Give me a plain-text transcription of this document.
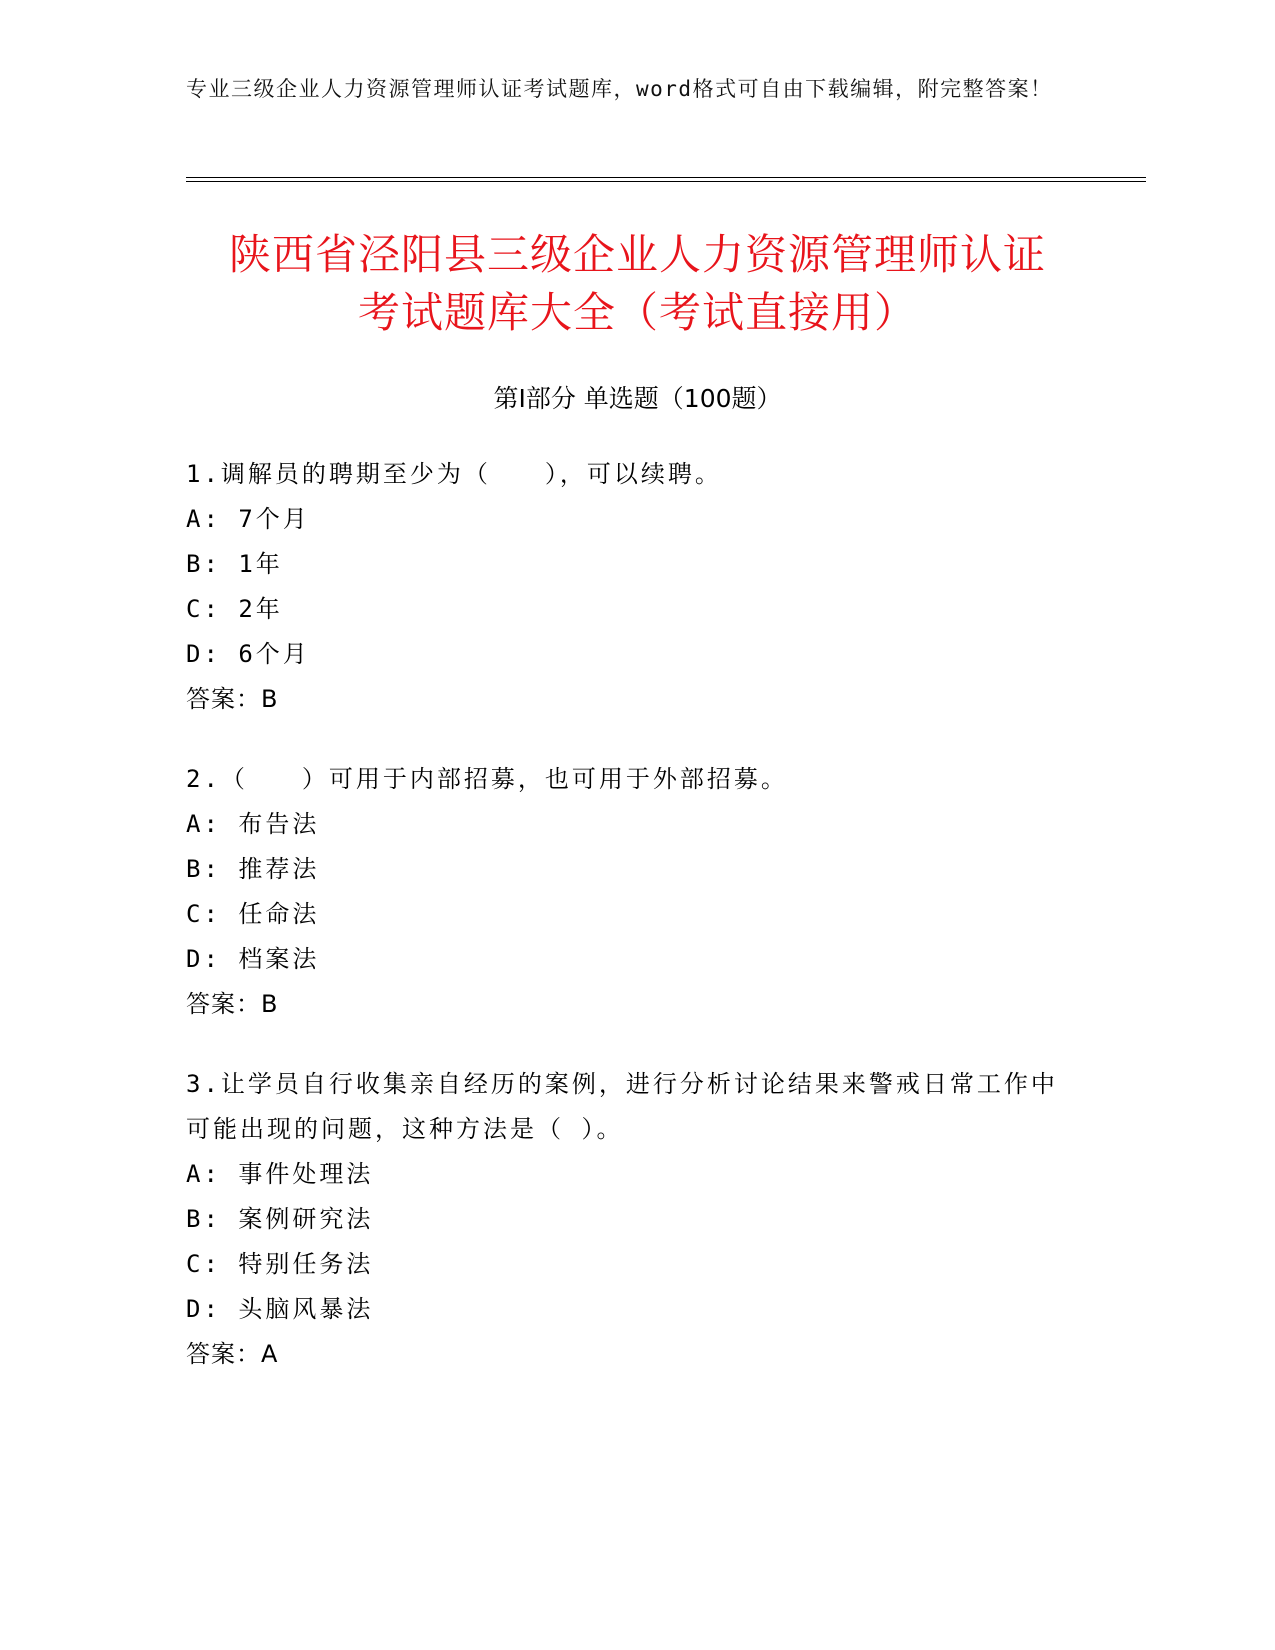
专业三级企业人力资源管理师认证考试题库，word格式可自由下载编辑，附完整答案！
陕西省泾阳县三级企业人力资源管理师认证
考试题库大全（考试直接用）
第Ⅰ部分 单选题（100题）
1.调解员的聘期至少为（　　），可以续聘。
A: 7个月
B: 1年
C: 2年
D: 6个月
答案：B
2.（　　）可用于内部招募，也可用于外部招募。
A: 布告法
B: 推荐法
C: 任命法
D: 档案法
答案：B
3.让学员自行收集亲自经历的案例，进行分析讨论结果来警戒日常工作中可能出现的问题，这种方法是（ ）。
A: 事件处理法
B: 案例研究法
C: 特别任务法
D: 头脑风暴法
答案：A
